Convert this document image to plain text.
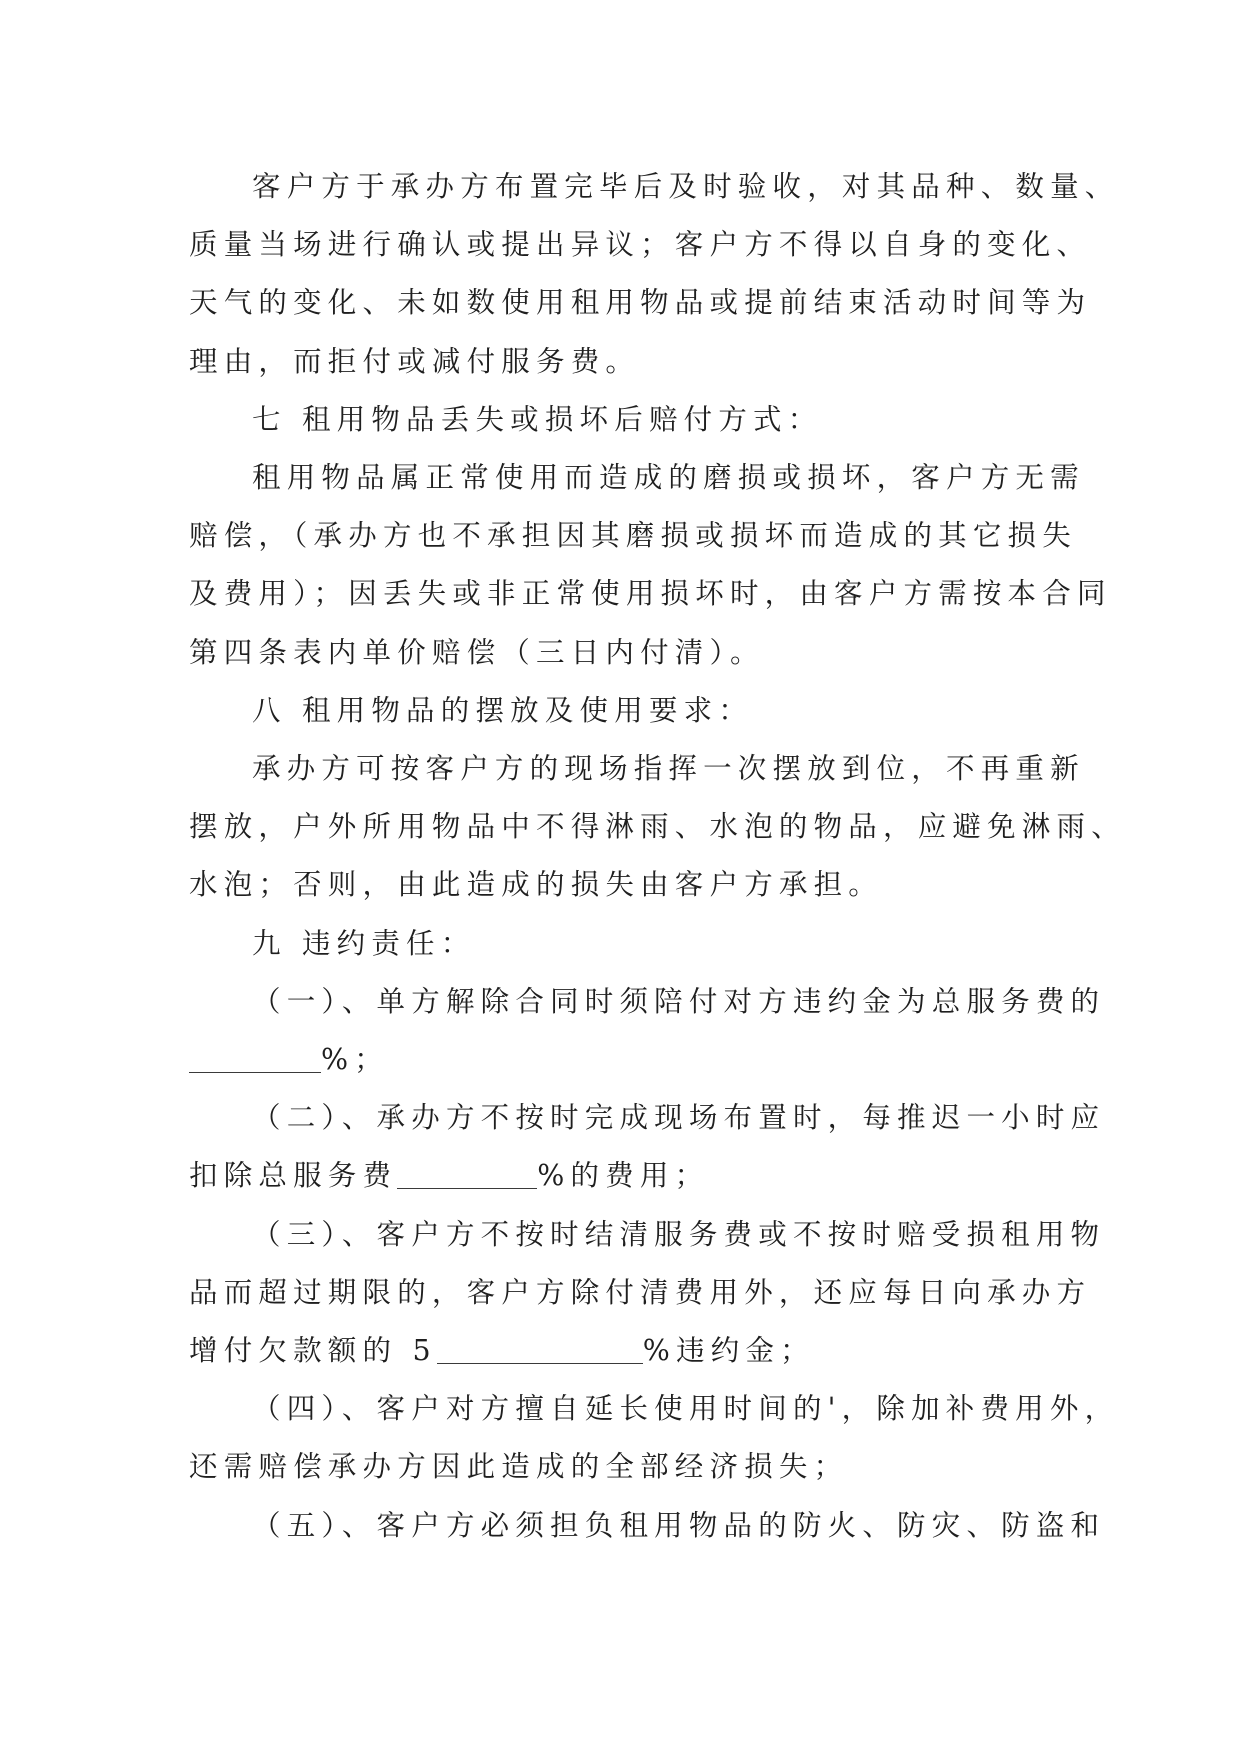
客户方于承办方布置完毕后及时验收，对其品种、数量、
质量当场进行确认或提出异议；客户方不得以自身的变化、
天气的变化、未如数使用租用物品或提前结束活动时间等为
理由，而拒付或减付服务费。

七 租用物品丢失或损坏后赔付方式：

租用物品属正常使用而造成的磨损或损坏，客户方无需
赔偿，（承办方也不承担因其磨损或损坏而造成的其它损失
及费用）；因丢失或非正常使用损坏时，由客户方需按本合同
第四条表内单价赔偿（三日内付清）。

八 租用物品的摆放及使用要求：

承办方可按客户方的现场指挥一次摆放到位，不再重新
摆放，户外所用物品中不得淋雨、水泡的物品，应避免淋雨、
水泡；否则，由此造成的损失由客户方承担。

九 违约责任：

（一）、单方解除合同时须陪付对方违约金为总服务费的
%；

（二）、承办方不按时完成现场布置时，每推迟一小时应
扣除总服务费	%的费用；

（三）、客户方不按时结清服务费或不按时赔受损租用物
品而超过期限的，客户方除付清费用外，还应每日向承办方
增付欠款额的 5	%违约金；

（四）、客户对方擅自延长使用时间的'，除加补费用外，
还需赔偿承办方因此造成的全部经济损失；

（五）、客户方必须担负租用物品的防火、防灾、防盗和
